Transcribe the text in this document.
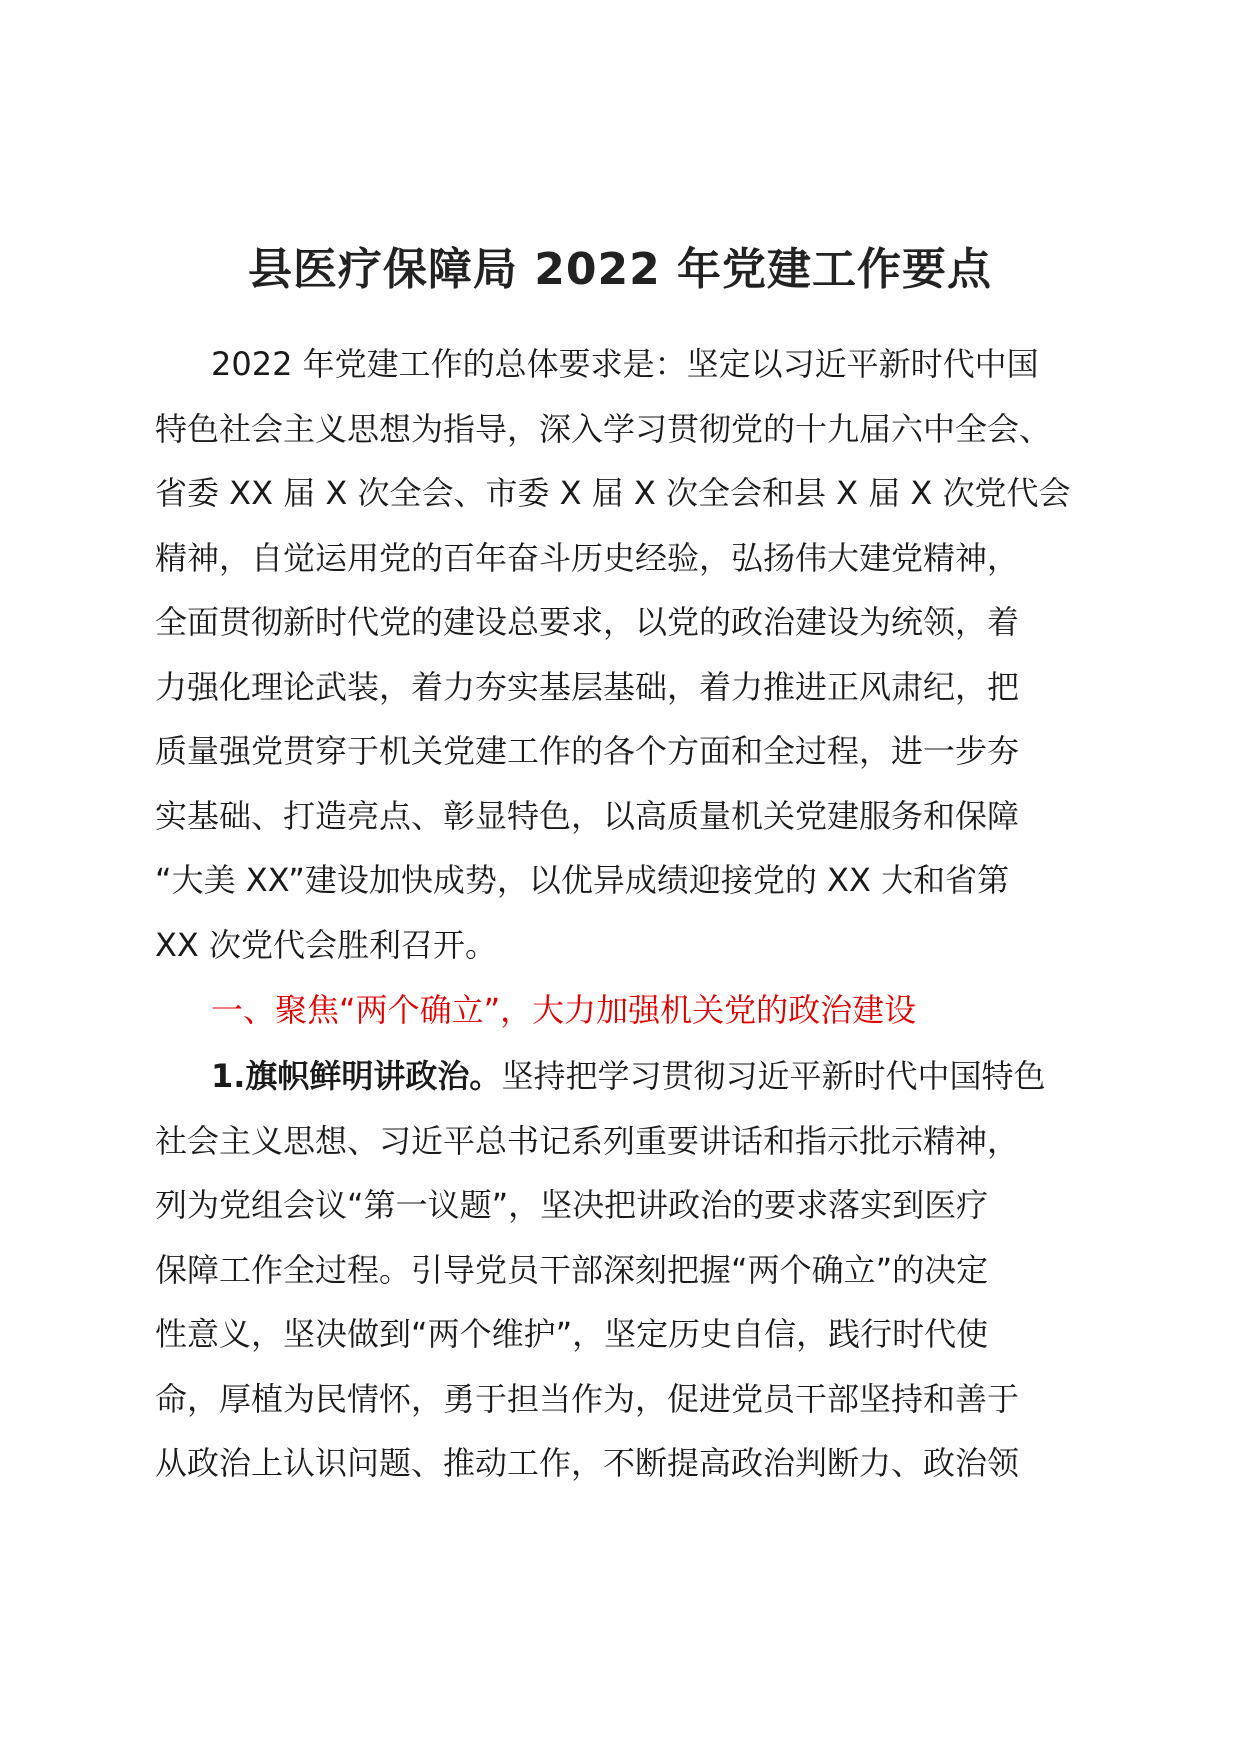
县医疗保障局 2022 年党建工作要点
2022 年党建工作的总体要求是：坚定以习近平新时代中国
特色社会主义思想为指导，深入学习贯彻党的十九届六中全会、
省委 XX 届 X 次全会、市委 X 届 X 次全会和县 X 届 X 次党代会
精神，自觉运用党的百年奋斗历史经验，弘扬伟大建党精神，
全面贯彻新时代党的建设总要求，以党的政治建设为统领，着
力强化理论武装，着力夯实基层基础，着力推进正风肃纪，把
质量强党贯穿于机关党建工作的各个方面和全过程，进一步夯
实基础、打造亮点、彰显特色，以高质量机关党建服务和保障
“大美 XX”建设加快成势，以优异成绩迎接党的 XX 大和省第
XX 次党代会胜利召开。
一、聚焦“两个确立”，大力加强机关党的政治建设
1.旗帜鲜明讲政治。坚持把学习贯彻习近平新时代中国特色
社会主义思想、习近平总书记系列重要讲话和指示批示精神，
列为党组会议“第一议题”，坚决把讲政治的要求落实到医疗
保障工作全过程。引导党员干部深刻把握“两个确立”的决定
性意义，坚决做到“两个维护”，坚定历史自信，践行时代使
命，厚植为民情怀，勇于担当作为，促进党员干部坚持和善于
从政治上认识问题、推动工作，不断提高政治判断力、政治领
